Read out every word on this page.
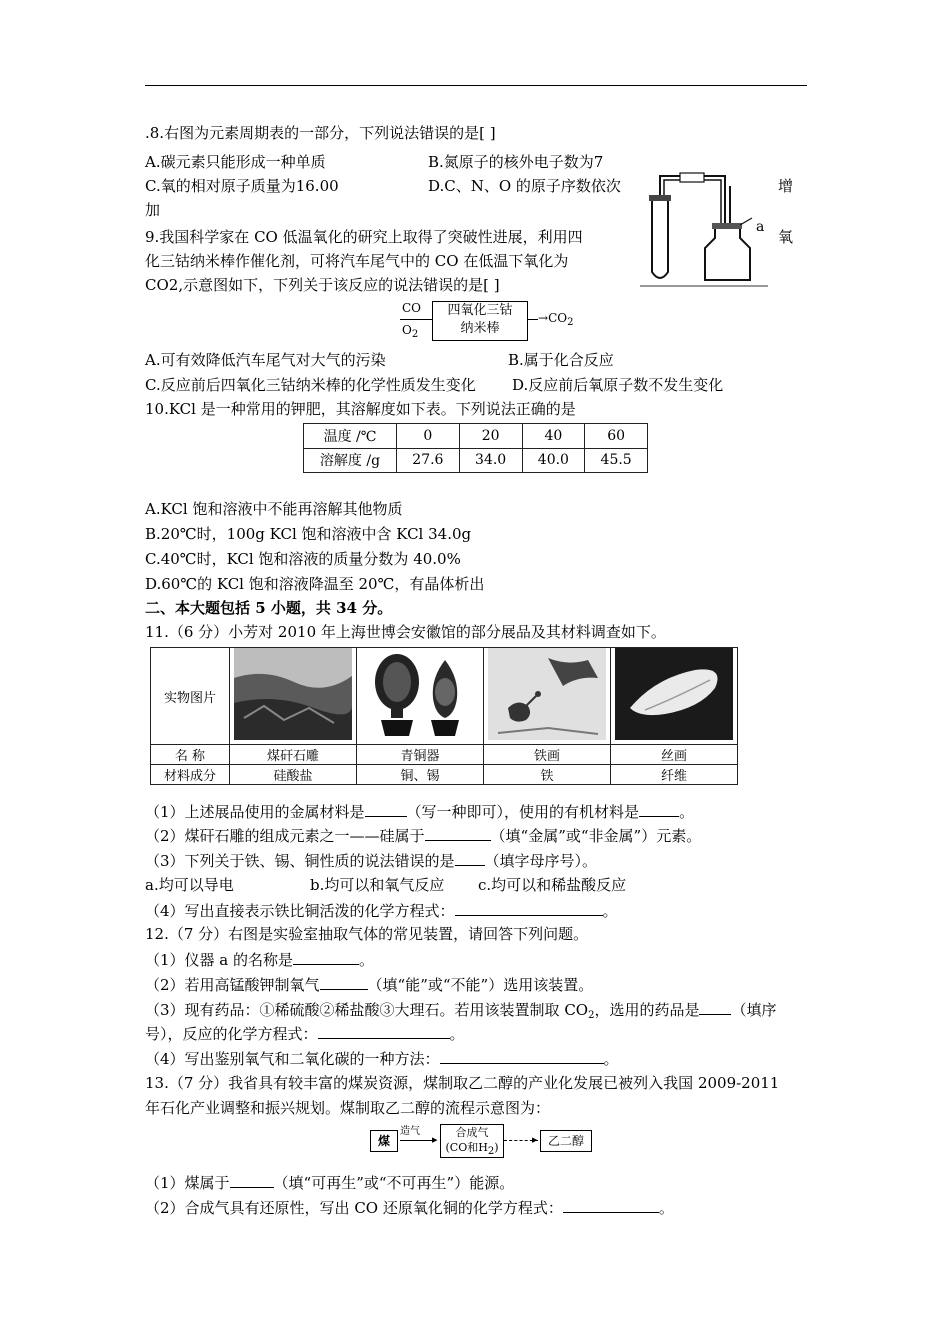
.8.右图为元素周期表的一部分，下列说法错误的是[ ]
A.碳元素只能形成一种单质	B.氮原子的核外电子数为7
C.氧的相对原子质量为16.00	D.C、N、O 的原子序数依次	增
加
氧
a
9.我国科学家在 CO 低温氧化的研究上取得了突破性进展，利用四
化三钴纳米棒作催化剂，可将汽车尾气中的 CO 在低温下氧化为
CO2,示意图如下，下列关于该反应的说法错误的是[ ]
CO
$O_2$
四氧化三钴
纳米棒
$\to CO_2$
A.可有效降低汽车尾气对大气的污染	B.属于化合反应
C.反应前后四氧化三钴纳米棒的化学性质发生变化 D.反应前后氧原子数不发生变化
10.KCl 是一种常用的钾肥，其溶解度如下表。下列说法正确的是
温度 /℃	0	20	40	60
溶解度 /g	27.6	34.0	40.0	45.5
A.KCl 饱和溶液中不能再溶解其他物质
B.20℃时，100g KCl 饱和溶液中含 KCl 34.0g
C.40℃时，KCl 饱和溶液的质量分数为 40.0%
D.60℃的 KCl 饱和溶液降温至 20℃，有晶体析出
二、本大题包括 5 小题，共 34 分。
11.（6 分）小芳对 2010 年上海世博会安徽馆的部分展品及其材料调查如下。
实物图片				
名 称	煤矸石雕	青铜器	铁画	丝画
材料成分	硅酸盐	铜、锡	铁	纤维
（1）上述展品使用的金属材料是	（写一种即可），使用的有机材料是	。
（2）煤矸石雕的组成元素之一——硅属于	（填“金属”或“非金属”）元素。
（3）下列关于铁、锡、铜性质的说法错误的是 （填字母序号）。
a.均可以导电	b.均可以和氧气反应 c.均可以和稀盐酸反应
（4）写出直接表示铁比铜活泼的化学方程式：	。
12.（7 分）右图是实验室抽取气体的常见装置，请回答下列问题。
（1）仪器 a 的名称是	。
（2）若用高锰酸钾制氧气	（填“能”或“不能”）选用该装置。
（3）现有药品：①稀硫酸②稀盐酸③大理石。若用该装置制取 $CO_2$，选用的药品是 （填序
号），反应的化学方程式：	。
（4）写出鉴别氧气和二氧化碳的一种方法：	。
13.（7 分）我省具有较丰富的煤炭资源，煤制取乙二醇的产业化发展已被列入我国 2009-2011
年石化产业调整和振兴规划。煤制取乙二醇的流程示意图为：
煤
造气
▸
合成气
(CO和H2)
▸ 乙二醇
（1）煤属于	（填“可再生”或“不可再生”）能源。
（2）合成气具有还原性，写出 CO 还原氧化铜的化学方程式：	。
